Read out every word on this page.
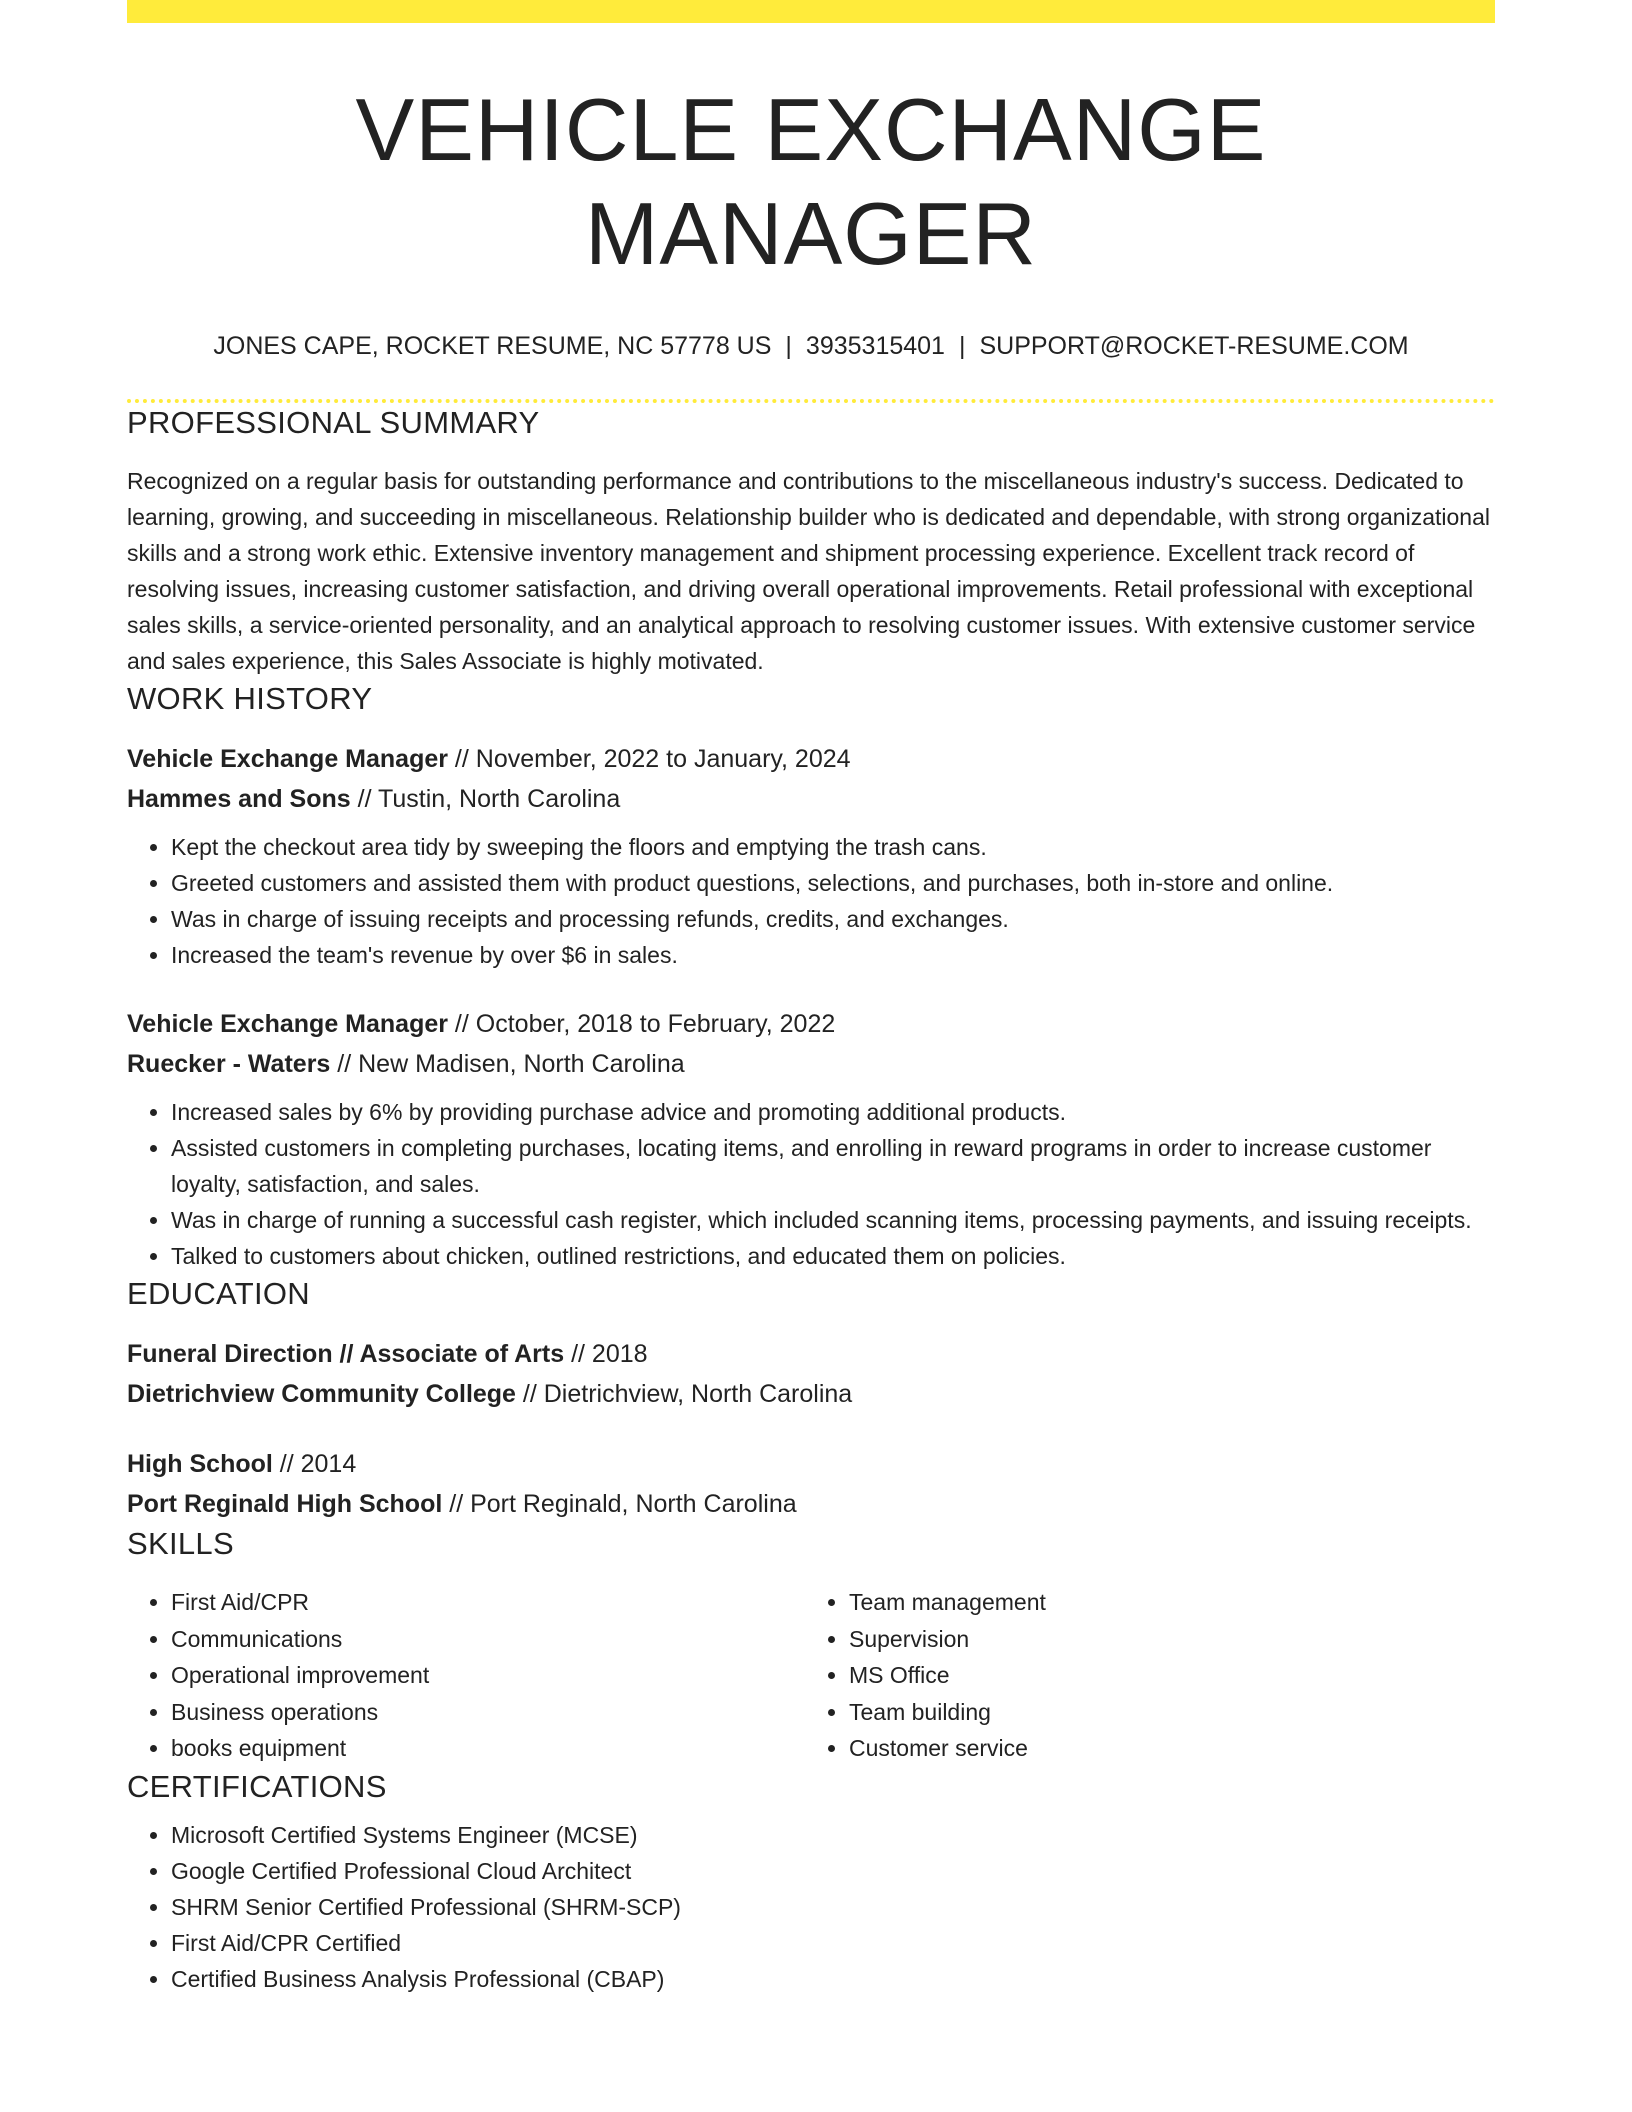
VEHICLE EXCHANGE MANAGER
JONES CAPE, ROCKET RESUME, NC 57778 US | 3935315401 | SUPPORT@ROCKET-RESUME.COM
PROFESSIONAL SUMMARY

Recognized on a regular basis for outstanding performance and contributions to the miscellaneous industry's success. Dedicated to learning, growing, and succeeding in miscellaneous. Relationship builder who is dedicated and dependable, with strong organizational skills and a strong work ethic. Extensive inventory management and shipment processing experience. Excellent track record of resolving issues, increasing customer satisfaction, and driving overall operational improvements. Retail professional with exceptional sales skills, a service-oriented personality, and an analytical approach to resolving customer issues. With extensive customer service and sales experience, this Sales Associate is highly motivated.

WORK HISTORY
Vehicle Exchange Manager // November, 2022 to January, 2024
Hammes and Sons // Tustin, North Carolina
• Kept the checkout area tidy by sweeping the floors and emptying the trash cans.
• Greeted customers and assisted them with product questions, selections, and purchases, both in-store and online.
• Was in charge of issuing receipts and processing refunds, credits, and exchanges.
• Increased the team's revenue by over $6 in sales.
Vehicle Exchange Manager // October, 2018 to February, 2022
Ruecker - Waters // New Madisen, North Carolina
• Increased sales by 6% by providing purchase advice and promoting additional products.
• Assisted customers in completing purchases, locating items, and enrolling in reward programs in order to increase customer loyalty, satisfaction, and sales.
• Was in charge of running a successful cash register, which included scanning items, processing payments, and issuing receipts.
• Talked to customers about chicken, outlined restrictions, and educated them on policies.
EDUCATION
Funeral Direction // Associate of Arts // 2018
Dietrichview Community College // Dietrichview, North Carolina
High School // 2014
Port Reginald High School // Port Reginald, North Carolina
SKILLS
• First Aid/CPR
• Communications
• Operational improvement
• Business operations
• books equipment
• Team management
• Supervision
• MS Office
• Team building
• Customer service
CERTIFICATIONS
• Microsoft Certified Systems Engineer (MCSE)
• Google Certified Professional Cloud Architect
• SHRM Senior Certified Professional (SHRM-SCP)
• First Aid/CPR Certified
• Certified Business Analysis Professional (CBAP)
